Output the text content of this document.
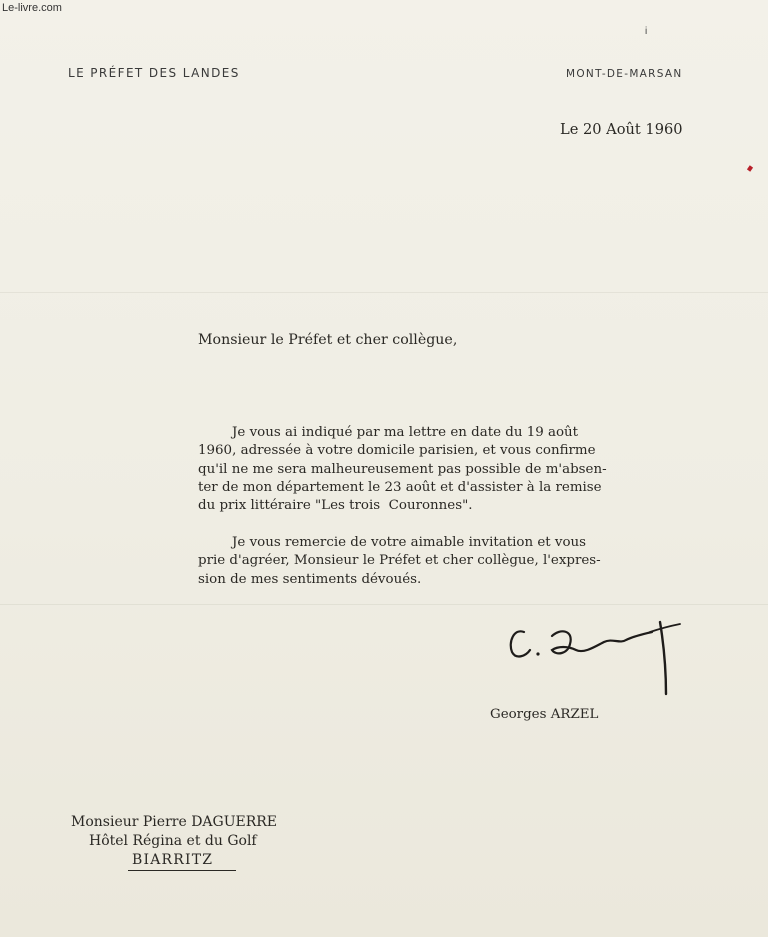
Le-livre.com
i
LE PRÉFET DES LANDES	MONT-DE-MARSAN
Le 20 Août 1960
Monsieur le Préfet et cher collègue,
Je vous ai indiqué par ma lettre en date du 19 août
1960, adressée à votre domicile parisien, et vous confirme
qu'il ne me sera malheureusement pas possible de m'absen-
ter de mon département le 23 août et d'assister à la remise
du prix littéraire "Les trois  Couronnes".
Je vous remercie de votre aimable invitation et vous
prie d'agréer, Monsieur le Préfet et cher collègue, l'expres-
sion de mes sentiments dévoués.
Georges ARZEL
Monsieur Pierre DAGUERRE
Hôtel Régina et du Golf
BIARRITZ
